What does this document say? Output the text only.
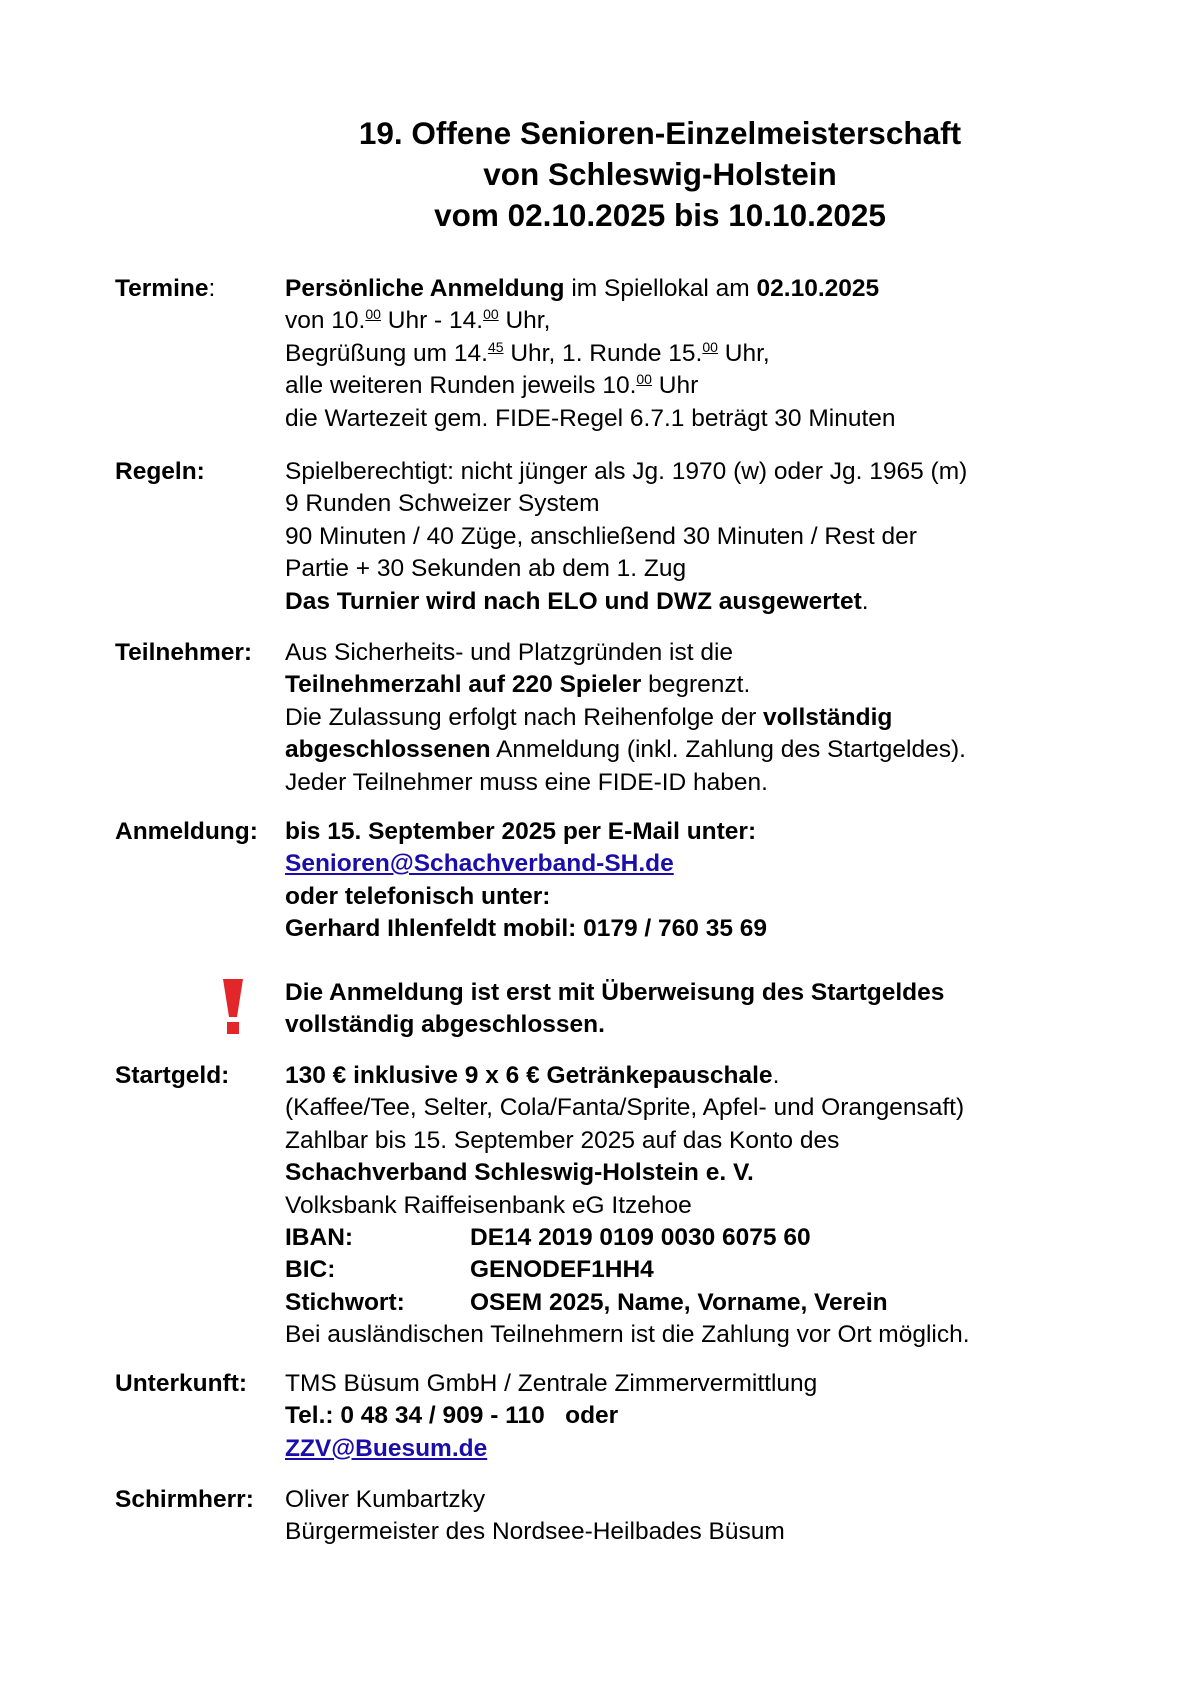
19. Offene Senioren-Einzelmeisterschaft
von Schleswig-Holstein
vom 02.10.2025 bis 10.10.2025
Termine:	Persönliche Anmeldung im Spiellokal am 02.10.2025
von 10.00 Uhr - 14.00 Uhr,
Begrüßung um 14.45 Uhr, 1. Runde 15.00 Uhr,
alle weiteren Runden jeweils 10.00 Uhr
die Wartezeit gem. FIDE-Regel 6.7.1 beträgt 30 Minuten
Regeln:	Spielberechtigt: nicht jünger als Jg. 1970 (w) oder Jg. 1965 (m)
9 Runden Schweizer System
90 Minuten / 40 Züge, anschließend 30 Minuten / Rest der
Partie + 30 Sekunden ab dem 1. Zug
Das Turnier wird nach ELO und DWZ ausgewertet.
Teilnehmer: Aus Sicherheits- und Platzgründen ist die
Teilnehmerzahl auf 220 Spieler begrenzt.
Die Zulassung erfolgt nach Reihenfolge der vollständig
abgeschlossenen Anmeldung (inkl. Zahlung des Startgeldes).
Jeder Teilnehmer muss eine FIDE-ID haben.
Anmeldung: bis 15. September 2025 per E-Mail unter:
Senioren@Schachverband-SH.de
oder telefonisch unter:
Gerhard Ihlenfeldt mobil: 0179 / 760 35 69
Die Anmeldung ist erst mit Überweisung des Startgeldes
vollständig abgeschlossen.
Startgeld: 130 € inklusive 9 x 6 € Getränkepauschale.
(Kaffee/Tee, Selter, Cola/Fanta/Sprite, Apfel- und Orangensaft)
Zahlbar bis 15. September 2025 auf das Konto des
Schachverband Schleswig-Holstein e. V.
Volksbank Raiffeisenbank eG Itzehoe
IBAN:	DE14 2019 0109 0030 6075 60
BIC:	GENODEF1HH4
Stichwort:	OSEM 2025, Name, Vorname, Verein
Bei ausländischen Teilnehmern ist die Zahlung vor Ort möglich.
Unterkunft: TMS Büsum GmbH / Zentrale Zimmervermittlung
Tel.: 0 48 34 / 909 - 110   oder
ZZV@Buesum.de
Schirmherr: Oliver Kumbartzky
Bürgermeister des Nordsee-Heilbades Büsum
